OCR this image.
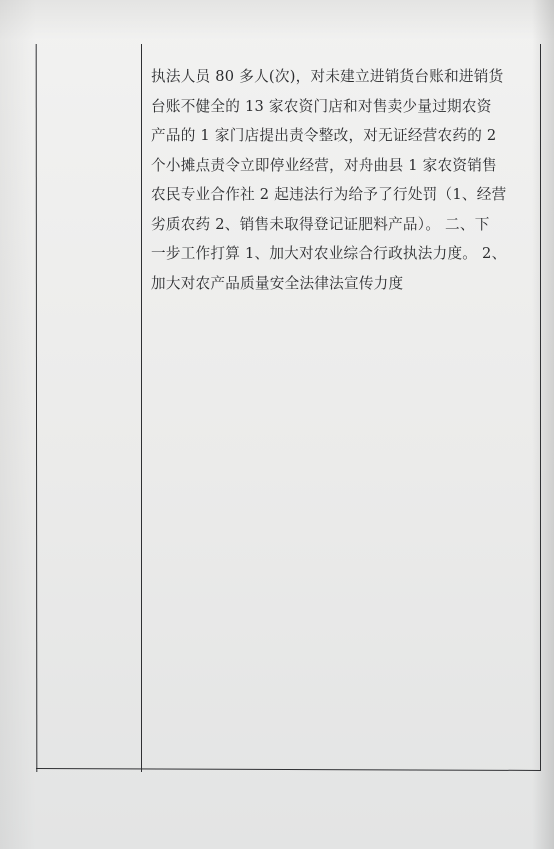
执法人员 80 多人(次)，对未建立进销货台账和进销货
台账不健全的 13 家农资门店和对售卖少量过期农资
产品的 1 家门店提出责令整改，对无证经营农药的 2
个小摊点责令立即停业经营，对舟曲县 1 家农资销售
农民专业合作社 2 起违法行为给予了行处罚（1、经营
劣质农药 2、销售未取得登记证肥料产品）。 二、下
一步工作打算 1、加大对农业综合行政执法力度。 2、
加大对农产品质量安全法律法宣传力度
